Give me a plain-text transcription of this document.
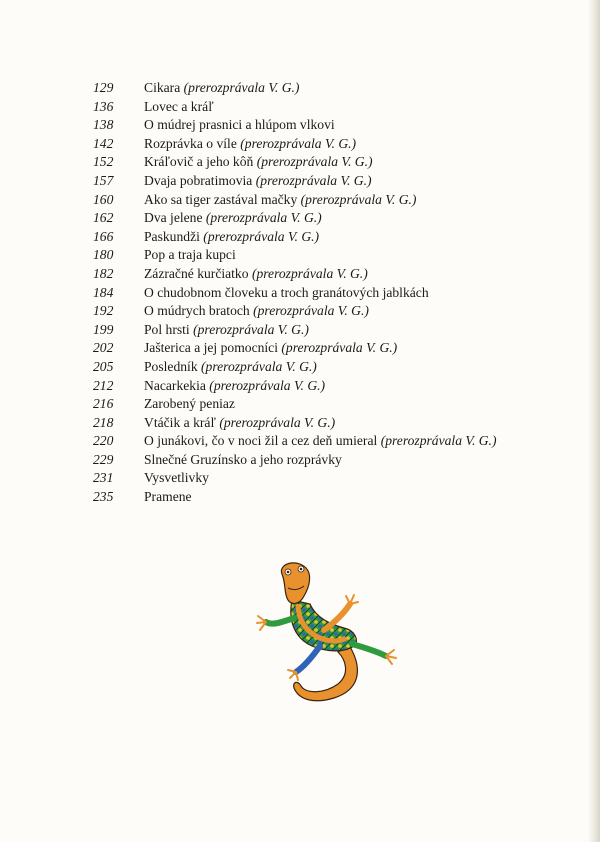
129	Cikara (prerozprávala V. G.)
136	Lovec a kráľ
138	O múdrej prasnici a hlúpom vlkovi
142	Rozprávka o víle (prerozprávala V. G.)
152	Kráľovič a jeho kôň (prerozprávala V. G.)
157	Dvaja pobratimovia (prerozprávala V. G.)
160	Ako sa tiger zastával mačky (prerozprávala V. G.)
162	Dva jelene (prerozprávala V. G.)
166	Paskundži (prerozprávala V. G.)
180	Pop a traja kupci
182	Zázračné kurčiatko (prerozprávala V. G.)
184	O chudobnom človeku a troch granátových jablkách
192	O múdrych bratoch (prerozprávala V. G.)
199	Pol hrsti (prerozprávala V. G.)
202	Jašterica a jej pomocníci (prerozprávala V. G.)
205	Posledník (prerozprávala V. G.)
212	Nacarkekia (prerozprávala V. G.)
216	Zarobený peniaz
218	Vtáčik a kráľ (prerozprávala V. G.)
220	O junákovi, čo v noci žil a cez deň umieral (prerozprávala V. G.)
229	Slnečné Gruzínsko a jeho rozprávky
231	Vysvetlivky
235	Pramene
